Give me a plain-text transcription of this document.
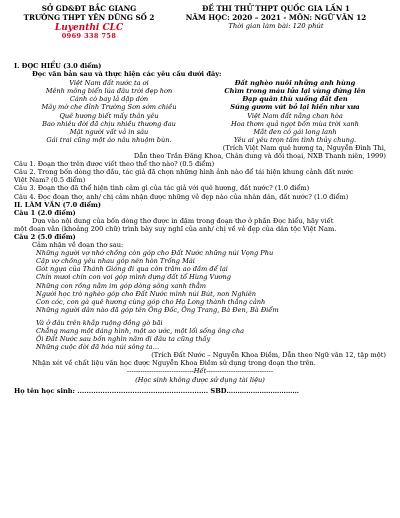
SỞ GD&ĐT BẮC GIANG
TRƯỜNG THPT YÊN DŨNG SỐ 2
Luyenthi CLC
0969 338 758
ĐỀ THI THỬ THPT QUỐC GIA LẦN 1
NĂM HỌC: 2020 – 2021 - MÔN: NGỮ VĂN 12
Thời gian làm bài: 120 phút
I. ĐỌC HIỂU (3.0 điểm)
Đọc văn bản sau và thực hiện các yêu cầu dưới đây:
Việt Nam đất nước ta ơi
Mênh mông biển lúa đâu trời đẹp hơn
Cánh cò bay lả dập dờn
Mây mờ che đỉnh Trường Sơn sớm chiều
Quê hương biết mấy thân yêu
Bao nhiêu đời đã chịu nhiều thương đau
Mặt người vất vả in sâu
Gái trai cũng một áo nâu nhuộm bùn.
Đất nghèo nuôi những anh hùng
Chìm trong máu lửa lại vùng đứng lên
Đạp quân thù xuống đất đen
Súng gươm vứt bỏ lại hiền như xưa
Việt Nam đất nắng chan hòa
Hoa thơm quả ngọt bốn mùa trời xanh
Mắt đen cô gái long lanh
Yêu ai yêu trọn tấm tình thủy chung.
(Trích Việt Nam quê hương ta, Nguyễn Đình Thi,
Dẫn theo Trần Đăng Khoa, Chân dung và đối thoại, NXB Thanh niên, 1999)
Câu 1. Đoạn thơ trên được viết theo thể thơ nào? (0.5 điểm)
Câu 2. Trong bốn dòng thơ đầu, tác giả đã chọn những hình ảnh nào để tái hiện khung cảnh đất nước
Việt Nam? (0.5 điểm)
Câu 3. Đoạn thơ đã thể hiện tình cảm gì của tác giả với quê hương, đất nước? (1.0 điểm)
Câu 4. Đọc đoạn thơ, anh/ chị cảm nhận được những vẻ đẹp nào của nhân dân, đất nước? (1.0 điểm)
II. LÀM VĂN (7.0 điểm)
Câu 1 (2.0 điểm)
Dựa vào nội dung của bốn dòng thơ được in đậm trong đoạn thơ ở phần Đọc hiểu, hãy viết
một đoạn văn (khoảng 200 chữ) trình bày suy nghĩ của anh/ chị về vẻ đẹp của dân tộc Việt Nam.
Câu 2 (5.0 điểm)
Cảm nhận về đoạn thơ sau:
Những người vợ nhớ chồng còn góp cho Đất Nước những núi Vọng Phu
Cặp vợ chồng yêu nhau góp nên hòn Trống Mái
Gót ngựa của Thánh Gióng đi qua còn trăm ao đầm để lại
Chín mươi chín con voi góp mình dựng đất tổ Hùng Vương
Những con rồng nằm im góp dòng sông xanh thẳm
Người học trò nghèo góp cho Đất Nước mình núi Bút, non Nghiên
Con cóc, con gà quê hương cùng góp cho Hạ Long thành thắng cảnh
Những người dân nào đã góp tên Ông Đốc, Ông Trang, Bà Đen, Bà Điểm
Và ở đâu trên khắp ruộng đồng gò bãi
Chẳng mang một dáng hình, một ao ước, một lối sống ông cha
Ôi Đất Nước sau bốn nghìn năm đi đâu ta cũng thấy
Những cuộc đời đã hóa núi sông ta…
(Trích Đất Nước – Nguyễn Khoa Điềm, Dẫn theo Ngữ văn 12, tập một)
Nhận xét về chất liệu văn học được Nguyễn Khoa Điềm sử dụng trong đoạn thơ trên.
------------------------------Hết------------------------------
(Học sinh không được sử dụng tài liệu)
Họ tên học sinh: ......................................................... SBD……………………………
